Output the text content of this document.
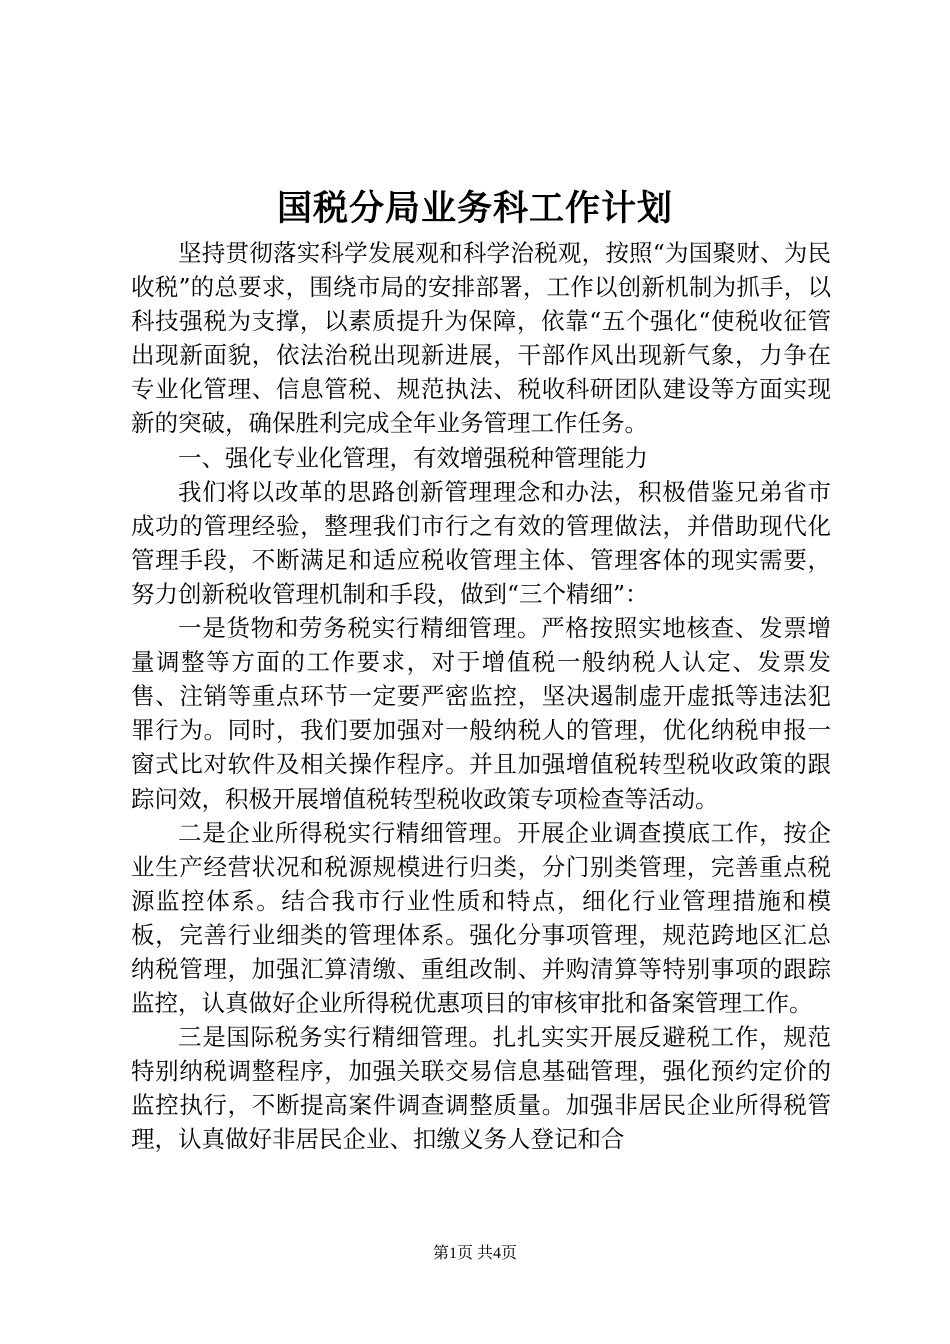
国税分局业务科工作计划

坚持贯彻落实科学发展观和科学治税观，按照“为国聚财、为民收税”的总要求，围绕市局的安排部署，工作以创新机制为抓手，以科技强税为支撑，以素质提升为保障，依靠“五个强化“使税收征管出现新面貌，依法治税出现新进展，干部作风出现新气象，力争在专业化管理、信息管税、规范执法、税收科研团队建设等方面实现新的突破，确保胜利完成全年业务管理工作任务。

一、强化专业化管理，有效增强税种管理能力

我们将以改革的思路创新管理理念和办法，积极借鉴兄弟省市成功的管理经验，整理我们市行之有效的管理做法，并借助现代化管理手段，不断满足和适应税收管理主体、管理客体的现实需要，努力创新税收管理机制和手段，做到“三个精细”：

一是货物和劳务税实行精细管理。严格按照实地核查、发票增量调整等方面的工作要求，对于增值税一般纳税人认定、发票发售、注销等重点环节一定要严密监控，坚决遏制虚开虚抵等违法犯罪行为。同时，我们要加强对一般纳税人的管理，优化纳税申报一窗式比对软件及相关操作程序。并且加强增值税转型税收政策的跟踪问效，积极开展增值税转型税收政策专项检查等活动。

二是企业所得税实行精细管理。开展企业调查摸底工作，按企业生产经营状况和税源规模进行归类，分门别类管理，完善重点税源监控体系。结合我市行业性质和特点，细化行业管理措施和模板，完善行业细类的管理体系。强化分事项管理，规范跨地区汇总纳税管理，加强汇算清缴、重组改制、并购清算等特别事项的跟踪监控，认真做好企业所得税优惠项目的审核审批和备案管理工作。

三是国际税务实行精细管理。扎扎实实开展反避税工作，规范特别纳税调整程序，加强关联交易信息基础管理，强化预约定价的监控执行，不断提高案件调查调整质量。加强非居民企业所得税管理，认真做好非居民企业、扣缴义务人登记和合

第1页 共4页
